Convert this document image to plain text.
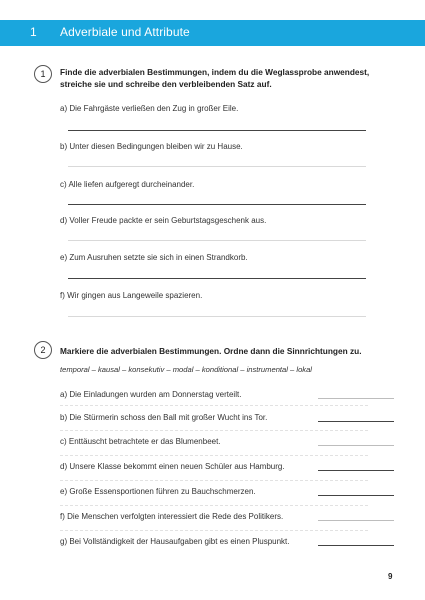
1 Adverbiale und Attribute
1	Finde die adverbialen Bestimmungen, indem du die Weglassprobe anwendest,
streiche sie und schreibe den verbleibenden Satz auf.
a) Die Fahrgäste verließen den Zug in großer Eile.
b) Unter diesen Bedingungen bleiben wir zu Hause.
c) Alle liefen aufgeregt durcheinander.
d) Voller Freude packte er sein Geburtstagsgeschenk aus.
e) Zum Ausruhen setzte sie sich in einen Strandkorb.
f) Wir gingen aus Langeweile spazieren.
2	Markiere die adverbialen Bestimmungen. Ordne dann die Sinnrichtungen zu.
temporal – kausal – konsekutiv – modal – konditional – instrumental – lokal
a) Die Einladungen wurden am Donnerstag verteilt.
b) Die Stürmerin schoss den Ball mit großer Wucht ins Tor.
c) Enttäuscht betrachtete er das Blumenbeet.
d) Unsere Klasse bekommt einen neuen Schüler aus Hamburg.
e) Große Essensportionen führen zu Bauchschmerzen.
f) Die Menschen verfolgten interessiert die Rede des Politikers.
g) Bei Vollständigkeit der Hausaufgaben gibt es einen Pluspunkt.
9
